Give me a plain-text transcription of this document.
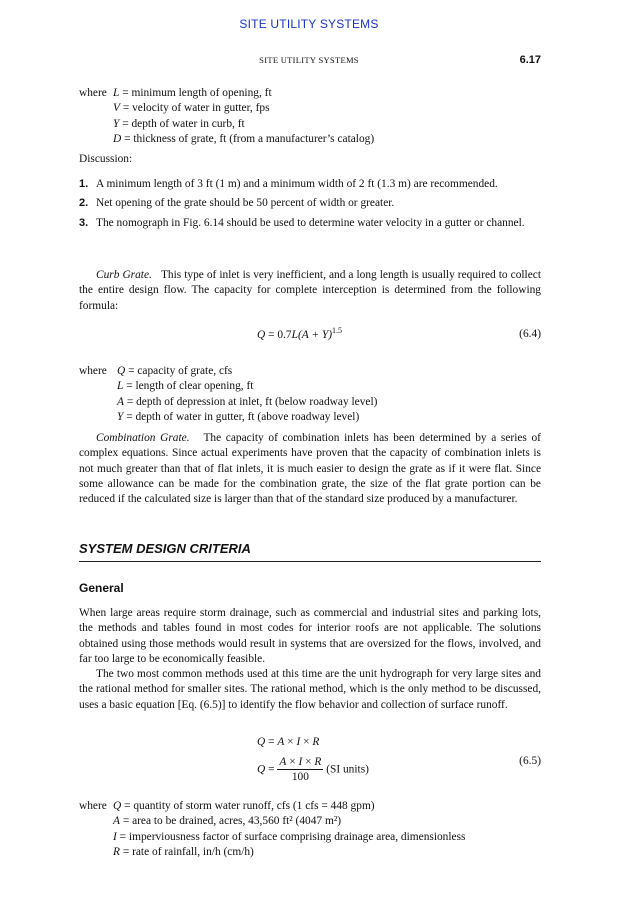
SITE UTILITY SYSTEMS
SITE UTILITY SYSTEMS	6.17
whereL = minimum length of opening, ft
V = velocity of water in gutter, fps
Y = depth of water in curb, ft
D = thickness of grate, ft (from a manufacturer’s catalog)
Discussion:
1. A minimum length of 3 ft (1 m) and a minimum width of 2 ft (1.3 m) are recommended.
2. Net opening of the grate should be 50 percent of width or greater.
3. The nomograph in Fig. 6.14 should be used to determine water velocity in a gutter or channel.
Curb Grate. This type of inlet is very inefficient, and a long length is usually required to collect the entire design flow. The capacity for complete interception is determined from the following formula:
$Q = 0.7L(A + Y)^{1.5}$	(6.4)
whereQ = capacity of grate, cfs
L = length of clear opening, ft
A = depth of depression at inlet, ft (below roadway level)
Y = depth of water in gutter, ft (above roadway level)
Combination Grate. The capacity of combination inlets has been determined by a series of complex equations. Since actual experiments have proven that the capacity of combination inlets is not much greater than that of flat inlets, it is much easier to design the grate as if it were flat. Since some allowance can be made for the combination grate, the size of the flat grate portion can be reduced if the calculated size is larger than that of the standard size produced by a manufacturer.
SYSTEM DESIGN CRITERIA
General
When large areas require storm drainage, such as commercial and industrial sites and parking lots, the methods and tables found in most codes for interior roofs are not applicable. The solutions obtained using those methods would result in systems that are oversized for the flows, involved, and far too large to be economically feasible.
The two most common methods used at this time are the unit hydrograph for very large sites and the rational method for smaller sites. The rational method, which is the only method to be discussed, uses a basic equation [Eq. (6.5)] to identify the flow behavior and collection of surface runoff.
Q = A × I × R
$Q = \frac{A \times I \times R}{100} (SI$ units)
(6.5)
whereQ = quantity of storm water runoff, cfs (1 cfs = 448 gpm)
A = area to be drained, acres, 43,560 ft² (4047 m²)
I = imperviousness factor of surface comprising drainage area, dimensionless
R = rate of rainfall, in/h (cm/h)
